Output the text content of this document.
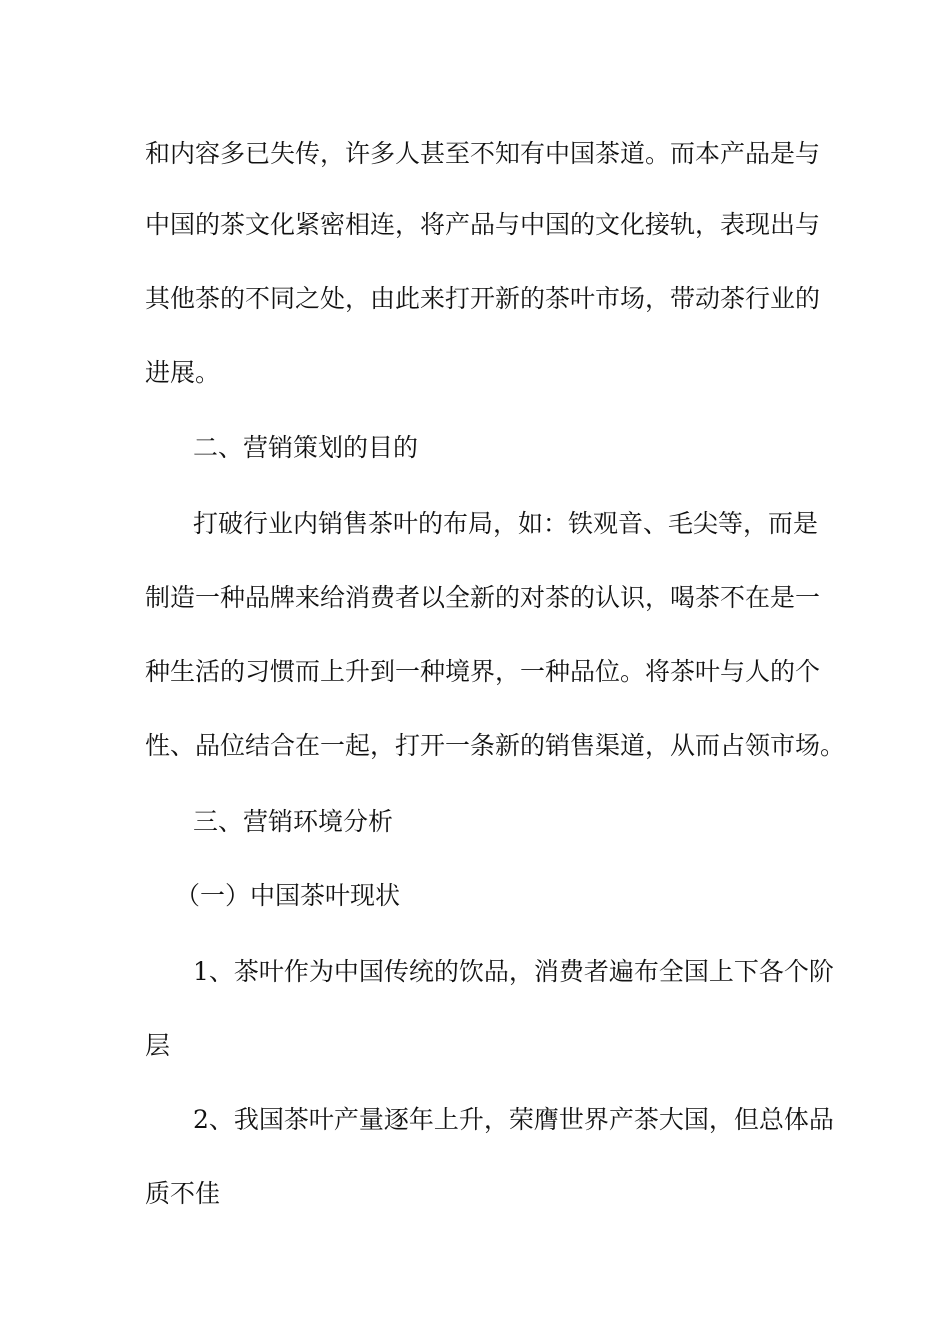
和内容多已失传，许多人甚至不知有中国茶道。而本产品是与
中国的茶文化紧密相连，将产品与中国的文化接轨，表现出与
其他茶的不同之处，由此来打开新的茶叶市场，带动茶行业的
进展。
二、营销策划的目的
打破行业内销售茶叶的布局，如：铁观音、毛尖等，而是
制造一种品牌来给消费者以全新的对茶的认识，喝茶不在是一
种生活的习惯而上升到一种境界，一种品位。将茶叶与人的个
性、品位结合在一起，打开一条新的销售渠道，从而占领市场。
三、营销环境分析
（一）中国茶叶现状
1、茶叶作为中国传统的饮品，消费者遍布全国上下各个阶
层
2、我国茶叶产量逐年上升，荣膺世界产茶大国，但总体品
质不佳
